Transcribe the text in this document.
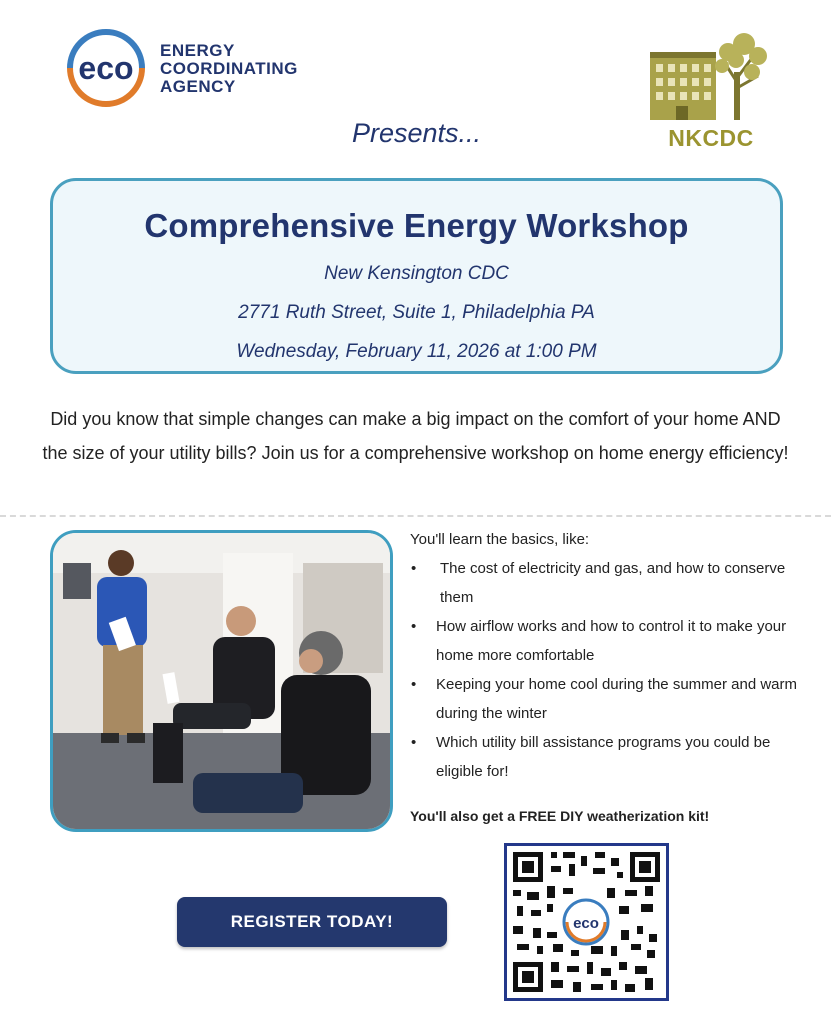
eco ENERGY
COORDINATING
AGENCY
NKCDC
Presents...
Comprehensive Energy Workshop
New Kensington CDC
2771 Ruth Street, Suite 1, Philadelphia PA
Wednesday, February 11, 2026 at 1:00 PM
Did you know that simple changes can make a big impact on the comfort of your home AND the size of your utility bills? Join us for a comprehensive workshop on home energy efficiency!
You'll learn the basics, like:
• The cost of electricity and gas, and how to conserve them
• How airflow works and how to control it to make your home more comfortable
• Keeping your home cool during the summer and warm during the winter
• Which utility bill assistance programs you could be eligible for!
You'll also get a FREE DIY weatherization kit!
REGISTER TODAY!	eco
